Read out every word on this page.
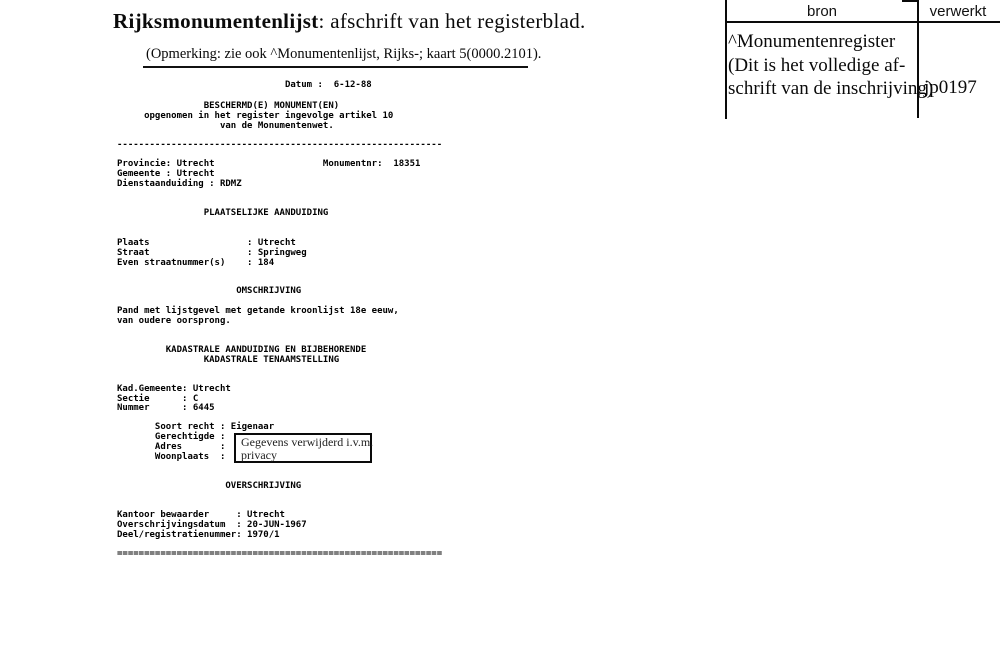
Rijksmonumentenlijst: afschrift van het registerblad.
(Opmerking: zie ook ^Monumentenlijst, Rijks-; kaart 5(0000.2101).
Datum :  6-12-88
BESCHERMD(E) MONUMENT(EN)
opgenomen in het register ingevolge artikel 10
van de Monumentenwet.
------------------------------------------------------------
Provincie: Utrecht                    Monumentnr:  18351
Gemeente : Utrecht
Dienstaanduiding : RDMZ
PLAATSELIJKE AANDUIDING
Plaats                  : Utrecht
Straat                  : Springweg
Even straatnummer(s)    : 184
OMSCHRIJVING
Pand met lijstgevel met getande kroonlijst 18e eeuw,
van oudere oorsprong.
KADASTRALE AANDUIDING EN BIJBEHORENDE
KADASTRALE TENAAMSTELLING
Kad.Gemeente: Utrecht
Sectie      : C
Nummer      : 6445
Soort recht : Eigenaar
Gerechtigde :
Adres       :
Woonplaats  :
OVERSCHRIJVING
Kantoor bewaarder     : Utrecht
Overschrijvingsdatum  : 20-JUN-1967
Deel/registratienummer: 1970/1
============================================================
Gegevens verwijderd i.v.m.
privacy
bron	verwerkt
^Monumentenregister
(Dit is het volledige af-
schrift van de inschrijving)
jp0197
